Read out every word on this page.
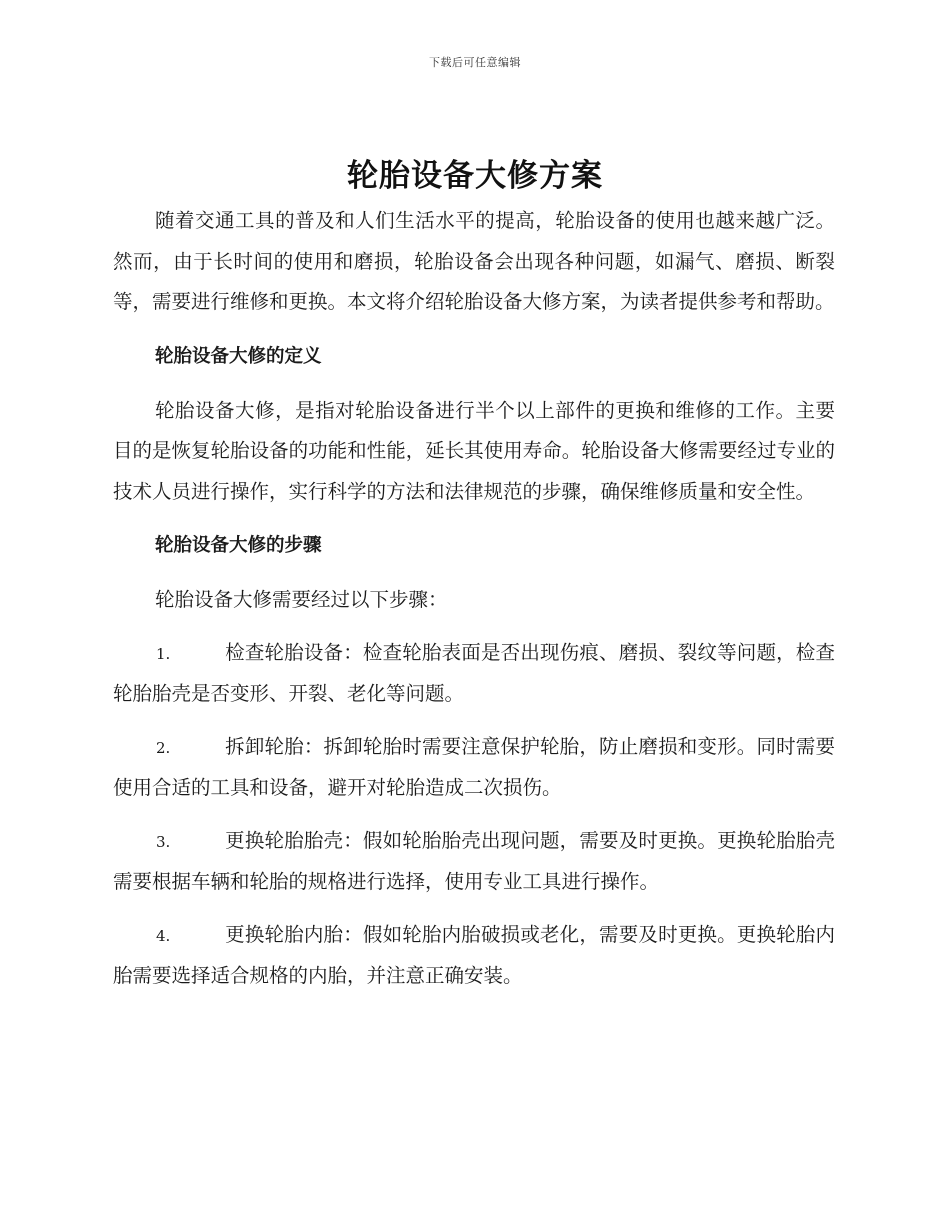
下载后可任意编辑
轮胎设备大修方案

随着交通工具的普及和人们生活水平的提高，轮胎设备的使用也越来越广泛。然而，由于长时间的使用和磨损，轮胎设备会出现各种问题，如漏气、磨损、断裂等，需要进行维修和更换。本文将介绍轮胎设备大修方案，为读者提供参考和帮助。

轮胎设备大修的定义

轮胎设备大修，是指对轮胎设备进行半个以上部件的更换和维修的工作。主要目的是恢复轮胎设备的功能和性能，延长其使用寿命。轮胎设备大修需要经过专业的技术人员进行操作，实行科学的方法和法律规范的步骤，确保维修质量和安全性。

轮胎设备大修的步骤

轮胎设备大修需要经过以下步骤：

1.	检查轮胎设备：检查轮胎表面是否出现伤痕、磨损、裂纹等问题，检查轮胎胎壳是否变形、开裂、老化等问题。

2.	拆卸轮胎：拆卸轮胎时需要注意保护轮胎，防止磨损和变形。同时需要使用合适的工具和设备，避开对轮胎造成二次损伤。

3.	更换轮胎胎壳：假如轮胎胎壳出现问题，需要及时更换。更换轮胎胎壳需要根据车辆和轮胎的规格进行选择，使用专业工具进行操作。

4.	更换轮胎内胎：假如轮胎内胎破损或老化，需要及时更换。更换轮胎内胎需要选择适合规格的内胎，并注意正确安装。
